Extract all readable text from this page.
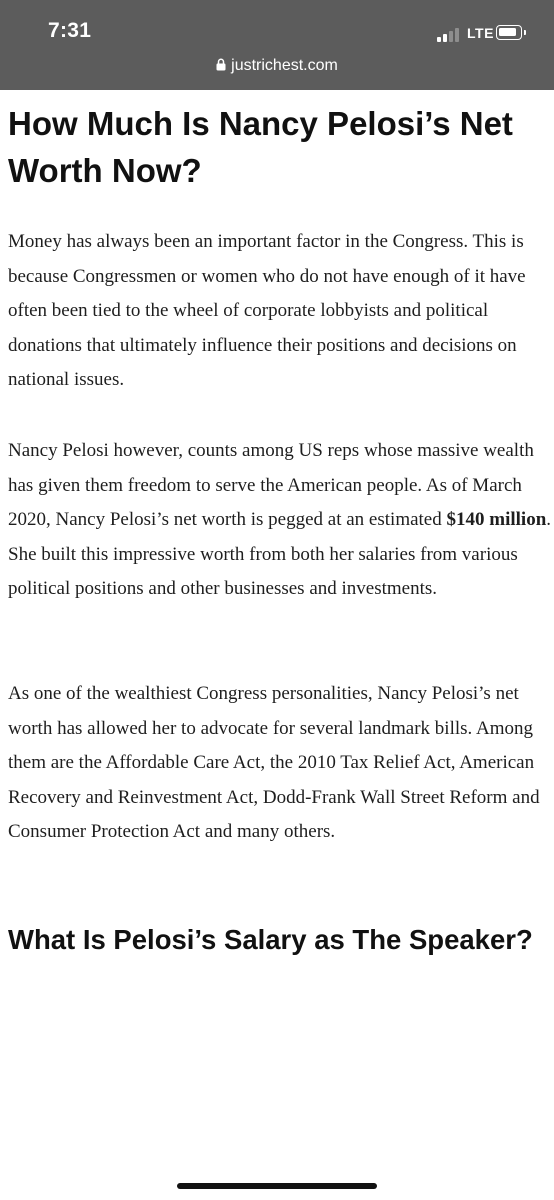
7:31	LTE
justrichest.com
How Much Is Nancy Pelosi’s Net Worth Now?

Money has always been an important factor in the Congress. This is because Congressmen or women who do not have enough of it have often been tied to the wheel of corporate lobbyists and political donations that ultimately influence their positions and decisions on national issues.

Nancy Pelosi however, counts among US reps whose massive wealth has given them freedom to serve the American people. As of March 2020, Nancy Pelosi’s net worth is pegged at an estimated $140 million. She built this impressive worth from both her salaries from various political positions and other businesses and investments.

As one of the wealthiest Congress personalities, Nancy Pelosi’s net worth has allowed her to advocate for several landmark bills. Among them are the Affordable Care Act, the 2010 Tax Relief Act, American Recovery and Reinvestment Act, Dodd-Frank Wall Street Reform and Consumer Protection Act and many others.

What Is Pelosi’s Salary as The Speaker?
